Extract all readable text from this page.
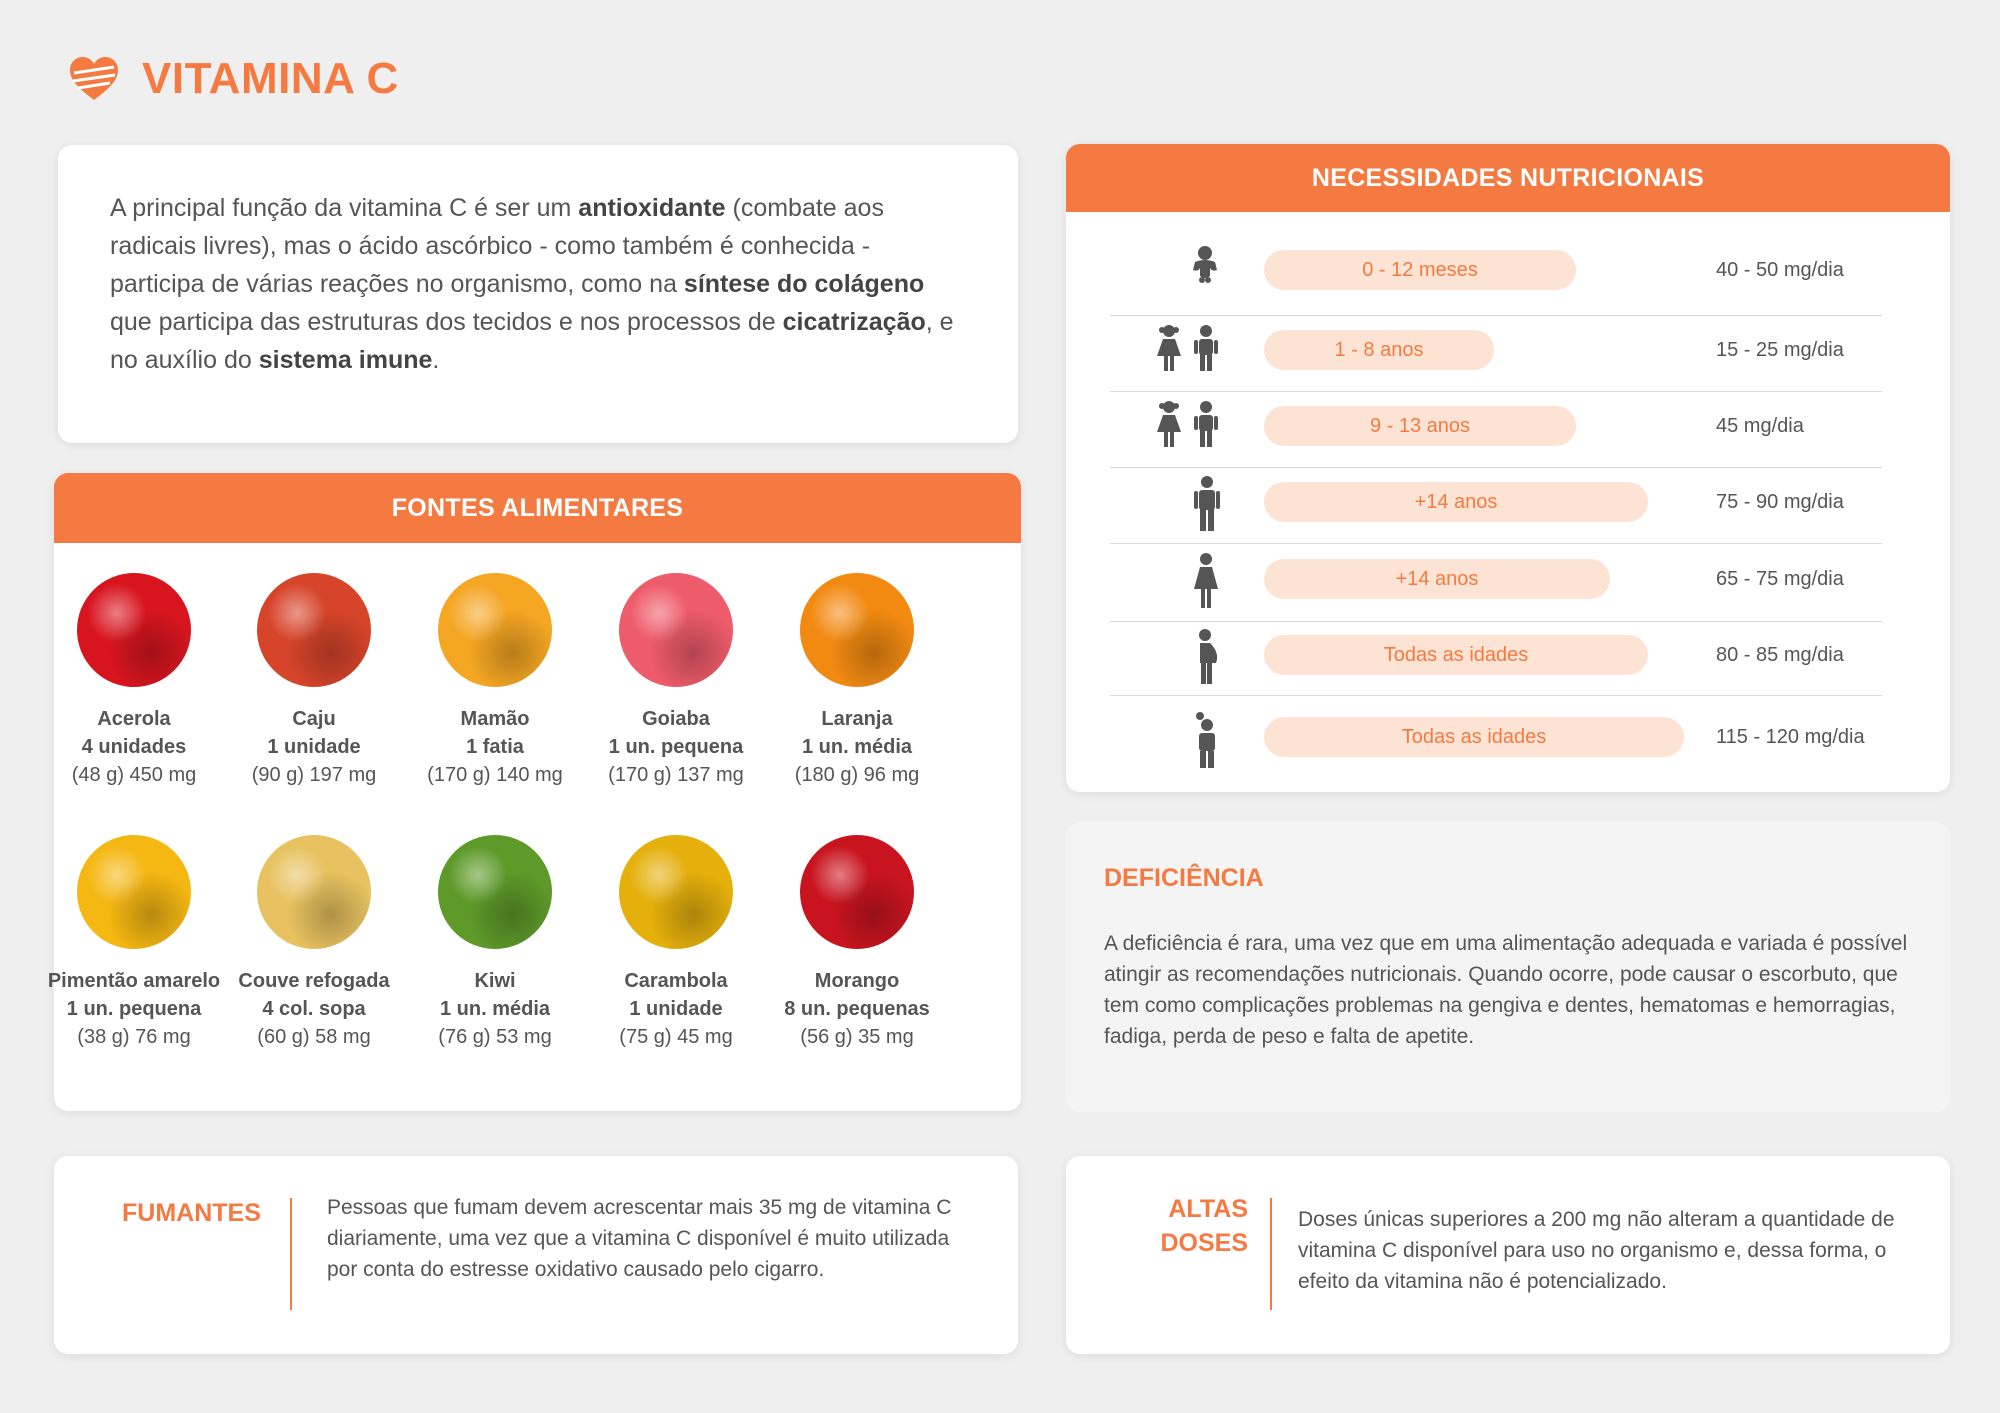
VITAMINA C

A principal função da vitamina C é ser um antioxidante (combate aos radicais livres), mas o ácido ascórbico - como também é conhecida - participa de várias reações no organismo, como na síntese do colágeno que participa das estruturas dos tecidos e nos processos de cicatrização, e no auxílio do sistema imune.

FONTES ALIMENTARES
Acerola
4 unidades
(48 g) 450 mg
Caju
1 unidade
(90 g) 197 mg
Mamão
1 fatia
(170 g) 140 mg
Goiaba
1 un. pequena
(170 g) 137 mg
Laranja
1 un. média
(180 g) 96 mg
Pimentão amarelo
1 un. pequena
(38 g) 76 mg
Couve refogada
4 col. sopa
(60 g) 58 mg
Kiwi
1 un. média
(76 g) 53 mg
Carambola
1 unidade
(75 g) 45 mg
Morango
8 un. pequenas
(56 g) 35 mg
NECESSIDADES NUTRICIONAIS
0 - 12 meses	40 - 50 mg/dia
1 - 8 anos	15 - 25 mg/dia
9 - 13 anos	45 mg/dia
+14 anos	75 - 90 mg/dia
+14 anos	65 - 75 mg/dia
Todas as idades	80 - 85 mg/dia
Todas as idades	115 - 120 mg/dia
DEFICIÊNCIA

A deficiência é rara, uma vez que em uma alimentação adequada e variada é possível atingir as recomendações nutricionais. Quando ocorre, pode causar o escorbuto, que tem como complicações problemas na gengiva e dentes, hematomas e hemorragias, fadiga, perda de peso e falta de apetite.

FUMANTES	Pessoas que fumam devem acrescentar mais 35 mg de vitamina C diariamente, uma vez que a vitamina C disponível é muito utilizada por conta do estresse oxidativo causado pelo cigarro.
ALTAS
DOSES
Doses únicas superiores a 200 mg não alteram a quantidade de vitamina C disponível para uso no organismo e, dessa forma, o efeito da vitamina não é potencializado.
